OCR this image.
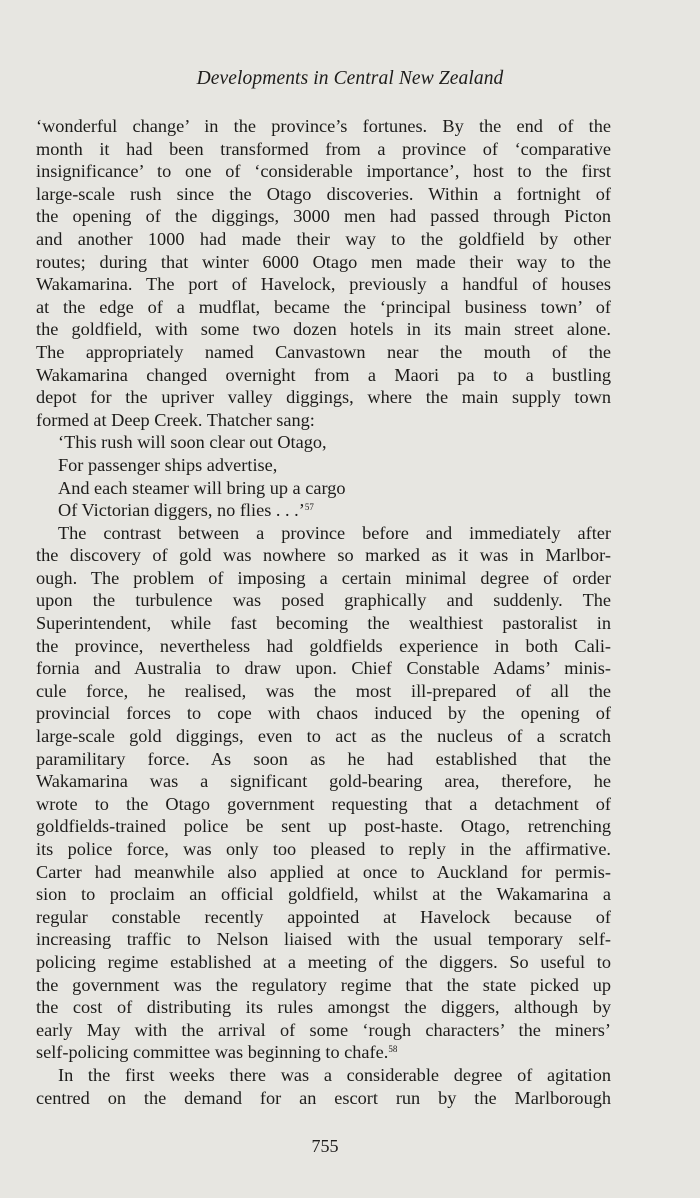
Developments in Central New Zealand
‘wonderful change’ in the province’s fortunes. By the end of the
month it had been transformed from a province of ‘comparative
insignificance’ to one of ‘considerable importance’, host to the first
large-scale rush since the Otago discoveries. Within a fortnight of
the opening of the diggings, 3000 men had passed through Picton
and another 1000 had made their way to the goldfield by other
routes; during that winter 6000 Otago men made their way to the
Wakamarina. The port of Havelock, previously a handful of houses
at the edge of a mudflat, became the ‘principal business town’ of
the goldfield, with some two dozen hotels in its main street alone.
The appropriately named Canvastown near the mouth of the
Wakamarina changed overnight from a Maori pa to a bustling
depot for the upriver valley diggings, where the main supply town
formed at Deep Creek. Thatcher sang:
‘This rush will soon clear out Otago,
For passenger ships advertise,
And each steamer will bring up a cargo
Of Victorian diggers, no flies . . .’$^{57}$
The contrast between a province before and immediately after
the discovery of gold was nowhere so marked as it was in Marlbor-
ough. The problem of imposing a certain minimal degree of order
upon the turbulence was posed graphically and suddenly. The
Superintendent, while fast becoming the wealthiest pastoralist in
the province, nevertheless had goldfields experience in both Cali-
fornia and Australia to draw upon. Chief Constable Adams’ minis-
cule force, he realised, was the most ill-prepared of all the
provincial forces to cope with chaos induced by the opening of
large-scale gold diggings, even to act as the nucleus of a scratch
paramilitary force. As soon as he had established that the
Wakamarina was a significant gold-bearing area, therefore, he
wrote to the Otago government requesting that a detachment of
goldfields-trained police be sent up post-haste. Otago, retrenching
its police force, was only too pleased to reply in the affirmative.
Carter had meanwhile also applied at once to Auckland for permis-
sion to proclaim an official goldfield, whilst at the Wakamarina a
regular constable recently appointed at Havelock because of
increasing traffic to Nelson liaised with the usual temporary self-
policing regime established at a meeting of the diggers. So useful to
the government was the regulatory regime that the state picked up
the cost of distributing its rules amongst the diggers, although by
early May with the arrival of some ‘rough characters’ the miners’
self-policing committee was beginning to chafe.$^{58}$
In the first weeks there was a considerable degree of agitation
centred on the demand for an escort run by the Marlborough
755
